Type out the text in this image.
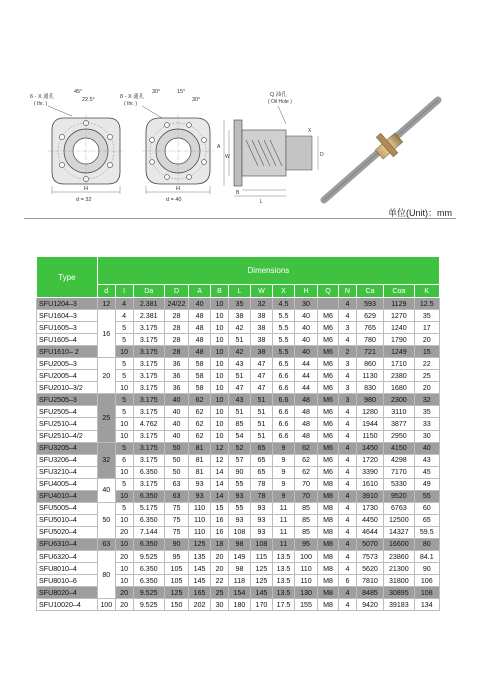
6 - X 通孔
( thr. )
45°
22.5°
H
d = 32
8 - X 通孔
( thr. )
30°	15°
30°
H
d = 40
Q 油孔
( Oil Hole )
A
W
X
D
B
L
单位(Unit)：mm
Type	Dimensions														
	d	I	Da	D	A	B	L	W	X	H	Q	N	Ca	Coa	K
SFU1204–3	12	4	2.381	24/22	40	10	35	32	4.5	30		4	593	1129	12.5
SFU1604–3	16	4	2.381	28	48	10	38	38	5.5	40	M6	4	629	1270	35
SFU1605–3		5	3.175	28	48	10	42	38	5.5	40	M6	3	765	1240	17
SFU1605–4		5	3.175	28	48	10	51	38	5.5	40	M6	4	780	1790	20
SFU1610– 2		10	3.175	28	48	10	42	38	5.5	40	M6	2	721	1249	15
SFU2005–3	20	5	3.175	36	58	10	43	47	6.5	44	M6	3	860	1710	22
SFU2005–4		5	3.175	36	58	10	51	47	6.6	44	M6	4	1130	2380	25
SFU2010–3/2		10	3.175	36	58	10	47	47	6.6	44	M6	3	830	1680	20
SFU2505–3	25	5	3.175	40	62	10	43	51	6.6	48	M6	3	980	2300	32
SFU2505–4		5	3.175	40	62	10	51	51	6.6	48	M6	4	1280	3110	35
SFU2510–4		10	4.762	40	62	10	85	51	6.6	48	M6	4	1944	3877	33
SFU2510–4/2		10	3.175	40	62	10	54	51	6.6	48	M6	4	1150	2950	30
SFU3205–4	32	5	3.175	50	81	12	52	65	9	62	M6	4	1450	4150	40
SFU3206–4		6	3.175	50	81	12	57	65	9	62	M6	4	1720	4298	43
SFU3210–4		10	6.350	50	81	14	90	65	9	62	M6	4	3390	7170	45
SFU4005–4	40	5	3.175	63	93	14	55	78	9	70	M8	4	1610	5330	49
SFU4010–4		10	6.350	63	93	14	93	78	9	70	M8	4	3910	9520	55
SFU5005–4	50	5	5.175	75	110	15	55	93	11	85	M8	4	1730	6763	60
SFU5010–4		10	6.350	75	110	16	93	93	11	85	M8	4	4450	12500	65
SFU5020–4		20	7.144	75	110	16	108	93	11	85	M8	4	4644	14327	59.5
SFU6310–4	63	10	6.350	90	125	18	98	108	11	95	M8	4	5070	16600	80
SFU6320–4	80	20	9.525	95	135	20	149	115	13.5	100	M8	4	7573	23860	84.1
SFU8010–4		10	6.350	105	145	20	98	125	13.5	110	M8	4	5620	21300	90
SFU8010–6		10	6.350	105	145	22	118	125	13.5	110	M8	6	7810	31800	106
SFU8020–4		20	9.525	125	165	25	154	145	13.5	130	M8	4	8485	30895	108
SFU10020–4	100	20	9.525	150	202	30	180	170	17.5	155	M8	4	9420	39183	134
